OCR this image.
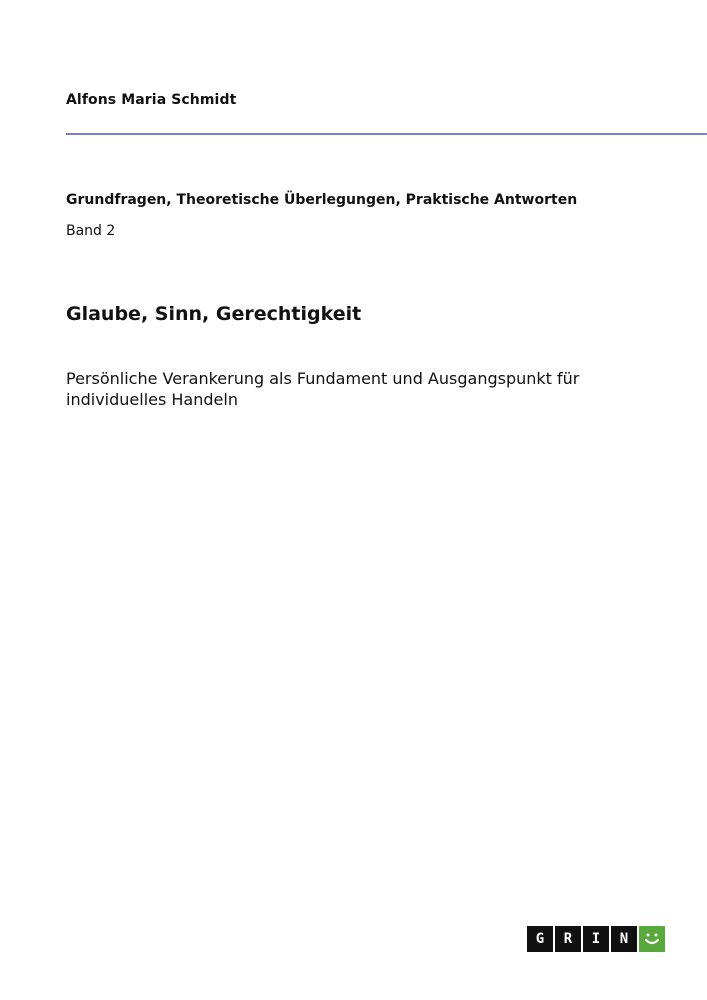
Alfons Maria Schmidt
Grundfragen, Theoretische Überlegungen, Praktische Antworten
Band 2
Glaube, Sinn, Gerechtigkeit
Persönliche Verankerung als Fundament und Ausgangspunkt für individuelles Handeln
G	R	I	N
